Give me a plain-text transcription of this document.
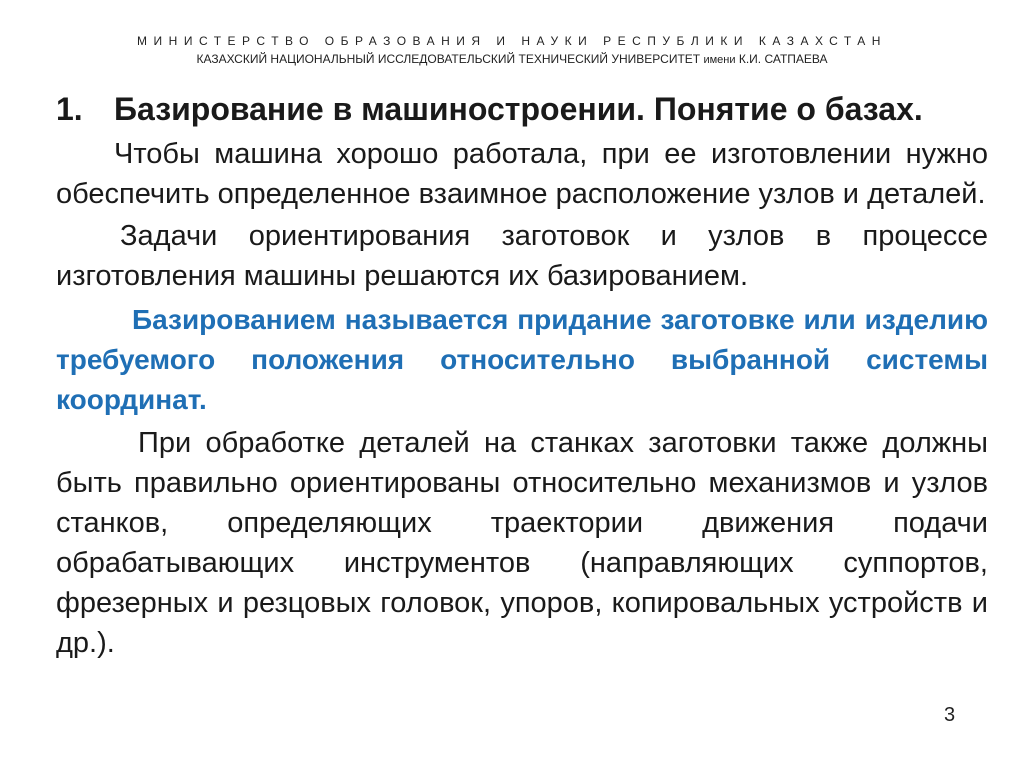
МИНИСТЕРСТВО ОБРАЗОВАНИЯ И НАУКИ РЕСПУБЛИКИ КАЗАХСТАН
КАЗАХСКИЙ НАЦИОНАЛЬНЫЙ ИССЛЕДОВАТЕЛЬСКИЙ ТЕХНИЧЕСКИЙ УНИВЕРСИТЕТ имени К.И. САТПАЕВА
1. Базирование в машиностроении. Понятие о базах.

Чтобы машина хорошо работала, при ее изготовлении нужно обеспечить определенное взаимное расположение узлов и деталей.

Задачи ориентирования заготовок и узлов в процессе изготовления машины решаются их базированием.

Базированием называется придание заготовке или изделию требуемого положения относительно выбранной системы координат.

При обработке деталей на станках заготовки также должны быть правильно ориентированы относительно механизмов и узлов станков, определяющих траектории движения подачи обрабатывающих инструментов (направляющих суппортов, фрезерных и резцовых головок, упоров, копировальных устройств и др.).

3
